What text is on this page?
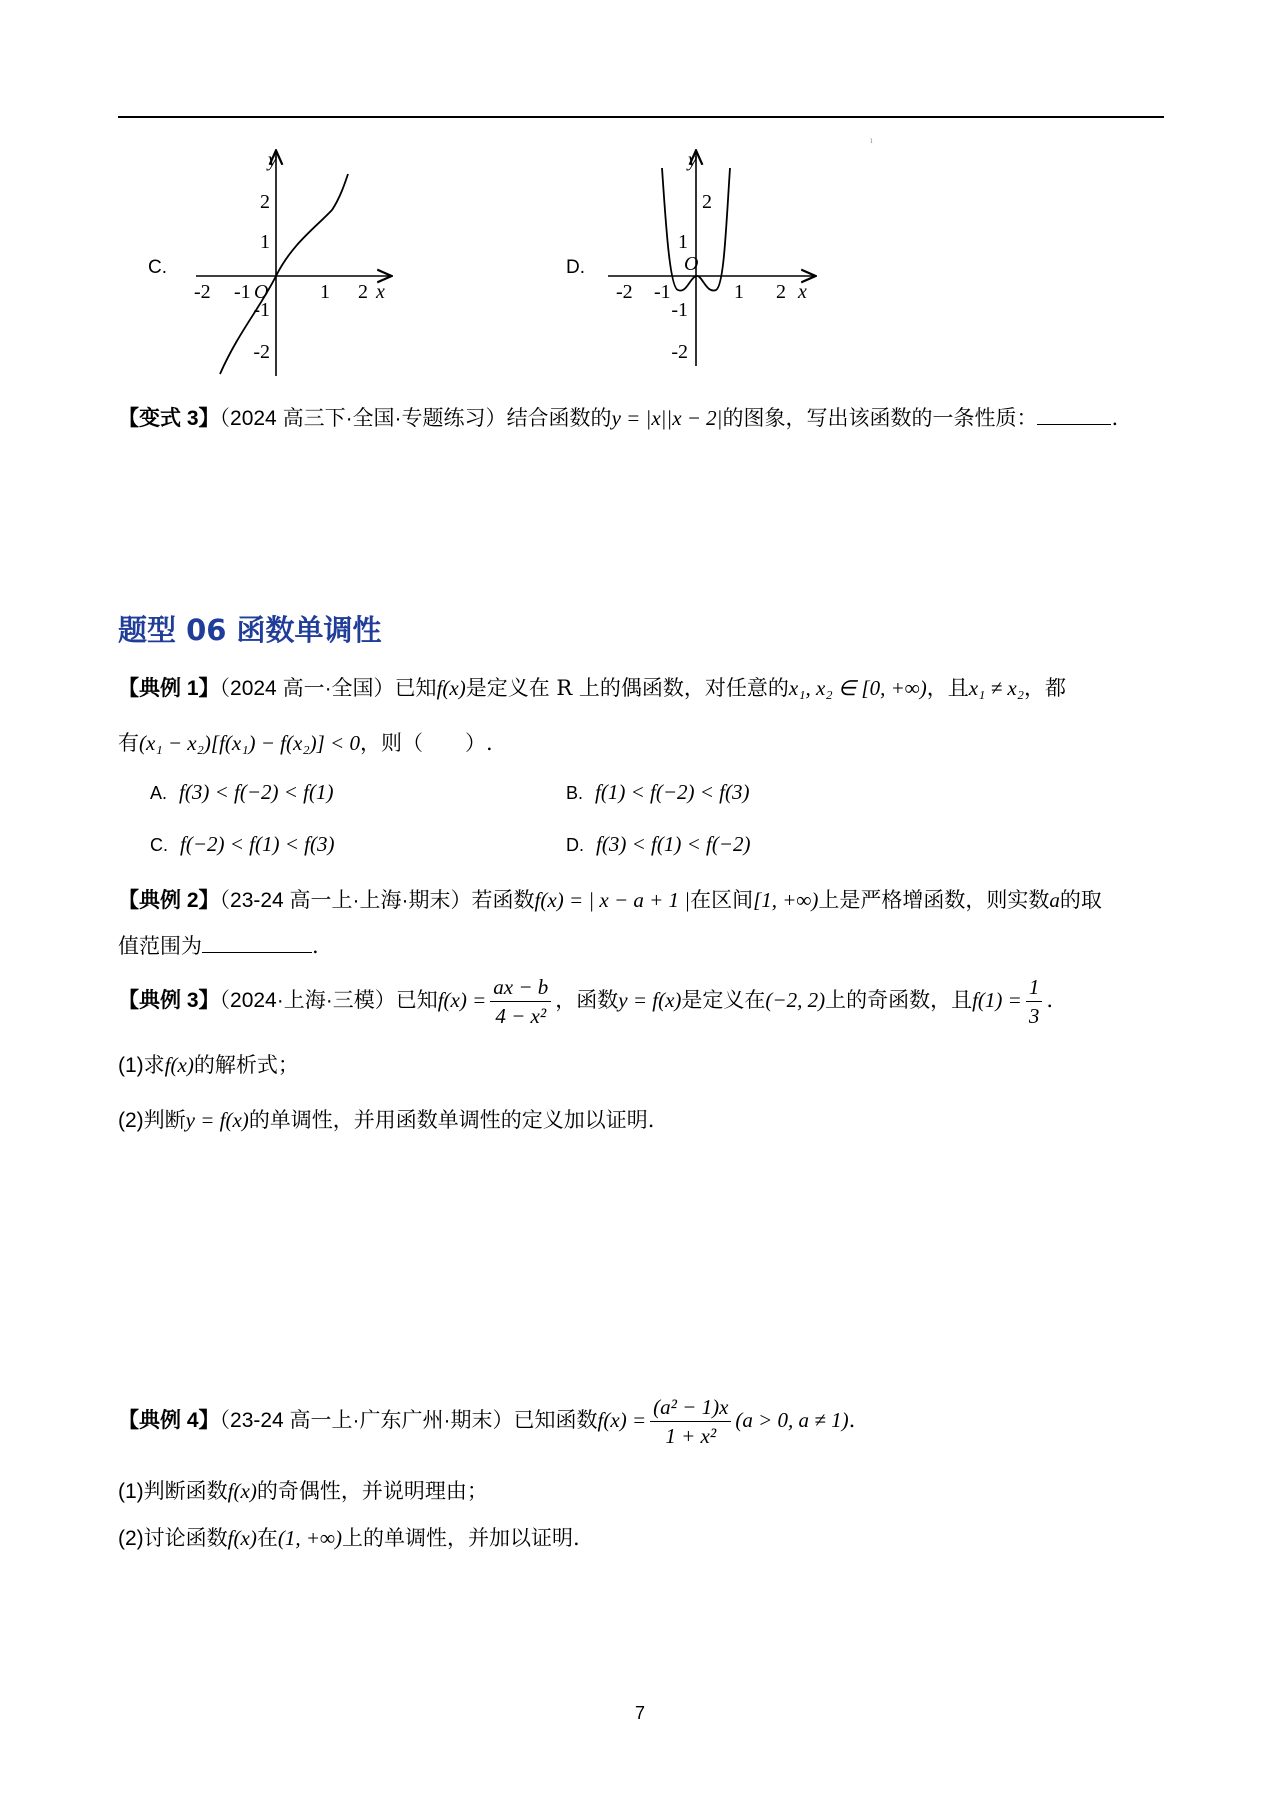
ı
C.
y
x
O
-2 -1	1 2
2
1
-1
-2
D.
y
x
O
-2 -1	1 2
2
1
-1
-2
【变式 3】（2024 高三下·全国·专题练习）结合函数的y = |x||x − 2|的图象，写出该函数的一条性质：	.
题型 06 函数单调性
【典例 1】（2024 高一·全国）已知f(x)是定义在 R 上的偶函数，对任意的x₁, x₂ ∈ [0, +∞)，且x₁ ≠ x₂，都
有(x₁ − x₂)[f(x₁) − f(x₂)] < 0，则（　　）.
A. f(3) < f(−2) < f(1)	B. f(1) < f(−2) < f(3)
C. f(−2) < f(1) < f(3)	D. f(3) < f(1) < f(−2)
【典例 2】（23-24 高一上·上海·期末）若函数f(x) = | x − a + 1 |在区间[1, +∞)上是严格增函数，则实数a的取
值范围为	.
【典例 3】（2024·上海·三模）已知$f(x) = \frac{ax - b}{\text{4 − x²}}$ ，函数y = f(x)是定义在(−2, 2)上的奇函数，且$f(1) = \frac{1}{3}$ .
(1)求f(x)的解析式；
(2)判断y = f(x)的单调性，并用函数单调性的定义加以证明.
【典例 4】（23-24 高一上·广东广州·期末）已知函数$f(x) = \frac{\text{(a² − 1)x}}{\text{1 + x²}} (a > 0$, a ≠ 1).
(1)判断函数f(x)的奇偶性，并说明理由；
(2)讨论函数f(x)在(1, +∞)上的单调性，并加以证明.
7
